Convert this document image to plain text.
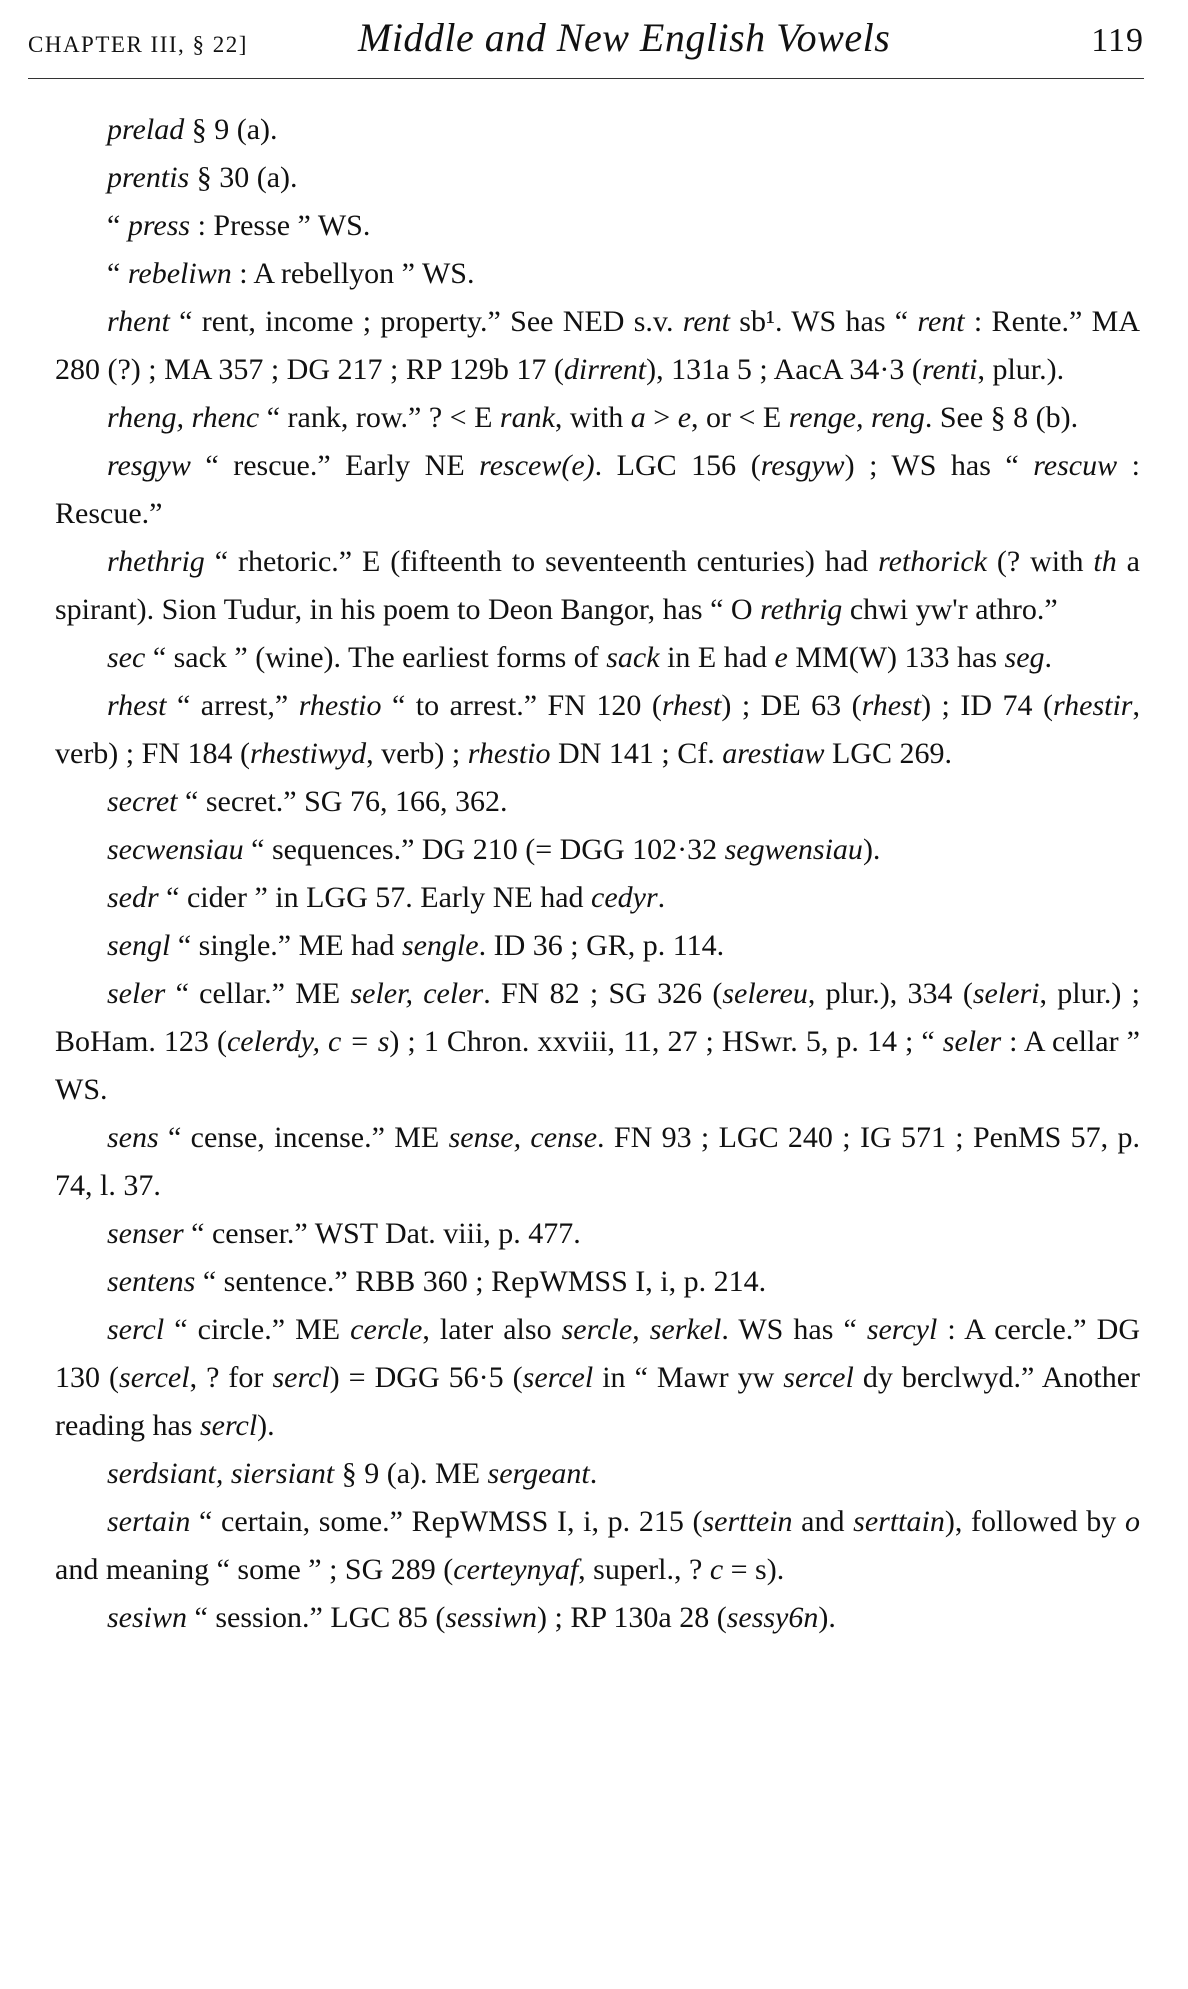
CHAPTER III, § 22]	Middle and New English Vowels	119

prelad § 9 (a).

prentis § 30 (a).

“ press : Presse ” WS.

“ rebeliwn : A rebellyon ” WS.

rhent “ rent, income ; property.” See NED s.v. rent sb¹. WS has “ rent : Rente.” MA 280 (?) ; MA 357 ; DG 217 ; RP 129b 17 (dirrent), 131a 5 ; AacA 34·3 (renti, plur.).

rheng, rhenc “ rank, row.” ? < E rank, with a > e, or < E renge, reng. See § 8 (b).

resgyw “ rescue.” Early NE rescew(e). LGC 156 (resgyw) ; WS has “ rescuw : Rescue.”

rhethrig “ rhetoric.” E (fifteenth to seventeenth centuries) had rethorick (? with th a spirant). Sion Tudur, in his poem to Deon Bangor, has “ O rethrig chwi yw'r athro.”

sec “ sack ” (wine). The earliest forms of sack in E had e MM(W) 133 has seg.

rhest “ arrest,” rhestio “ to arrest.” FN 120 (rhest) ; DE 63 (rhest) ; ID 74 (rhestir, verb) ; FN 184 (rhestiwyd, verb) ; rhestio DN 141 ; Cf. arestiaw LGC 269.

secret “ secret.” SG 76, 166, 362.

secwensiau “ sequences.” DG 210 (= DGG 102·32 segwensiau).

sedr “ cider ” in LGG 57. Early NE had cedyr.

sengl “ single.” ME had sengle. ID 36 ; GR, p. 114.

seler “ cellar.” ME seler, celer. FN 82 ; SG 326 (selereu, plur.), 334 (seleri, plur.) ; BoHam. 123 (celerdy, c = s) ; 1 Chron. xxviii, 11, 27 ; HSwr. 5, p. 14 ; “ seler : A cellar ” WS.

sens “ cense, incense.” ME sense, cense. FN 93 ; LGC 240 ; IG 571 ; PenMS 57, p. 74, l. 37.

senser “ censer.” WST Dat. viii, p. 477.

sentens “ sentence.” RBB 360 ; RepWMSS I, i, p. 214.

sercl “ circle.” ME cercle, later also sercle, serkel. WS has “ sercyl : A cercle.” DG 130 (sercel, ? for sercl) = DGG 56·5 (sercel in “ Mawr yw sercel dy berclwyd.” Another reading has sercl).

serdsiant, siersiant § 9 (a). ME sergeant.

sertain “ certain, some.” RepWMSS I, i, p. 215 (serttein and serttain), followed by o and meaning “ some ” ; SG 289 (certeynyaf, superl., ? c = s).

sesiwn “ session.” LGC 85 (sessiwn) ; RP 130a 28 (sessy6n).
